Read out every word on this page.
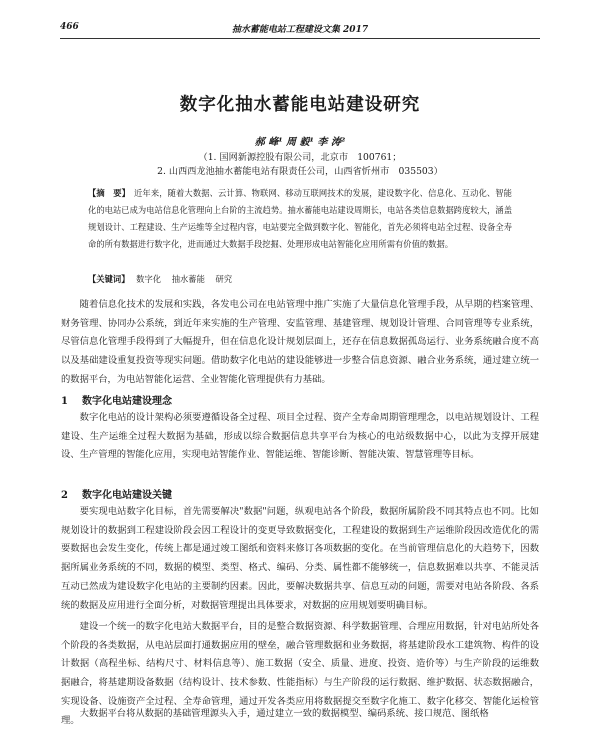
466	抽水蓄能电站工程建设文集 2017
数字化抽水蓄能电站建设研究
郝 峰¹ 周 毅¹ 李 涛²
（1. 国网新源控股有限公司，北京市　100761；
2. 山西西龙池抽水蓄能电站有限责任公司，山西省忻州市　035503）
【摘　要】 近年来，随着大数据、云计算、物联网、移动互联网技术的发展，建设数字化、信息化、互动化、智能化的电站已成为电站信息化管理向上台阶的主流趋势。抽水蓄能电站建设周期长，电站各类信息数据跨度较大，涵盖规划设计、工程建设、生产运维等全过程内容，电站要完全做到数字化、智能化，首先必须将电站全过程、设备全寿命的所有数据进行数字化，进而通过大数据手段挖掘、处理形成电站智能化应用所需有价值的数据。
【关键词】 数字化 抽水蓄能 研究
随着信息化技术的发展和实践，各发电公司在电站管理中推广实施了大量信息化管理手段，从早期的档案管理、财务管理、协同办公系统，到近年来实施的生产管理、安监管理、基建管理、规划设计管理、合同管理等专业系统，尽管信息化管理手段得到了大幅提升，但在信息化设计规划层面上，还存在信息数据孤岛运行、业务系统融合度不高以及基础建设重复投资等现实问题。借助数字化电站的建设能够进一步整合信息资源、融合业务系统，通过建立统一的数据平台，为电站智能化运营、全业智能化管理提供有力基础。
1 数字化电站建设理念
数字化电站的设计架构必须要遵循设备全过程、项目全过程、资产全寿命周期管理理念，以电站规划设计、工程建设、生产运维全过程大数据为基础，形成以综合数据信息共享平台为核心的电站级数据中心，以此为支撑开展建设、生产管理的智能化应用，实现电站智能作业、智能运维、智能诊断、智能决策、智慧管理等目标。
2 数字化电站建设关键
要实现电站数字化目标，首先需要解决"数据"问题，纵观电站各个阶段，数据所属阶段不同其特点也不同。比如规划设计的数据到工程建设阶段会因工程设计的变更导致数据变化，工程建设的数据到生产运维阶段因改造优化的需要数据也会发生变化，传统上都是通过竣工图纸和资料来修订各项数据的变化。在当前管理信息化的大趋势下，因数据所属业务系统的不同，数据的模型、类型、格式、编码、分类、属性都不能够统一，信息数据难以共享、不能灵活互动已然成为建设数字化电站的主要制约因素。因此，要解决数据共享、信息互动的问题，需要对电站各阶段、各系统的数据及应用进行全面分析，对数据管理提出具体要求，对数据的应用规划要明确目标。
建设一个统一的数字化电站大数据平台，目的是整合数据资源、科学数据管理、合理应用数据，针对电站所处各个阶段的各类数据，从电站层面打通数据应用的壁垒，融合管理数据和业务数据，将基建阶段水工建筑物、构件的设计数据（高程坐标、结构尺寸、材料信息等）、施工数据（安全、质量、进度、投资、造价等）与生产阶段的运维数据融合，将基建期设备数据（结构设计、技术参数、性能指标）与生产阶段的运行数据、维护数据、状态数据融合，实现设备、设施资产全过程、全寿命管理，通过开发各类应用将数据提交至数字化施工、数字化移交、智能化运检管理。
大数据平台将从数据的基础管理源头入手，通过建立一致的数据模型、编码系统、接口规范、图纸格
